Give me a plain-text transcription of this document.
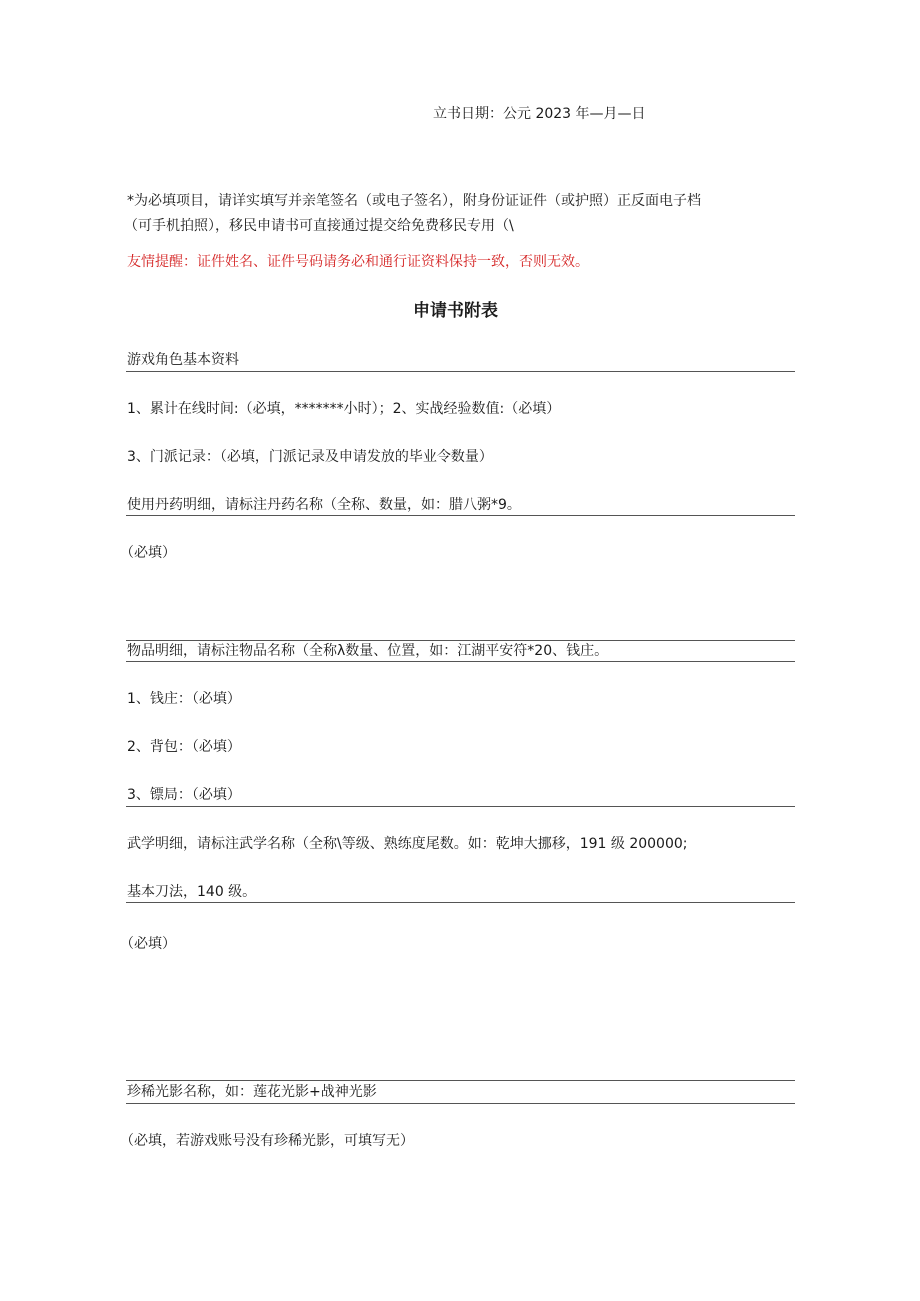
立书日期：公元 2023 年—月—日
*为必填项目，请详实填写并亲笔签名（或电子签名），附身份证证件（或护照）正反面电子档
（可手机拍照），移民申请书可直接通过提交给免费移民专用（\
友情提醒：证件姓名、证件号码请务必和通行证资料保持一致，否则无效。
申请书附表
游戏角色基本资料
1、累计在线时间:（必填，*******小时）；2、实战经验数值:（必填）
3、门派记录：（必填，门派记录及申请发放的毕业令数量）
使用丹药明细，请标注丹药名称（全称、数量，如：腊八粥*9。
（必填）
物品明细，请标注物品名称（全称λ数量、位置，如：江湖平安符*20、钱庄。
1、钱庄：（必填）
2、背包：（必填）
3、镖局：（必填）
武学明细，请标注武学名称（全称\等级、熟练度尾数。如：乾坤大挪移，191 级 200000;
基本刀法，140 级。
（必填）
珍稀光影名称，如：莲花光影+战神光影
（必填，若游戏账号没有珍稀光影，可填写无）
